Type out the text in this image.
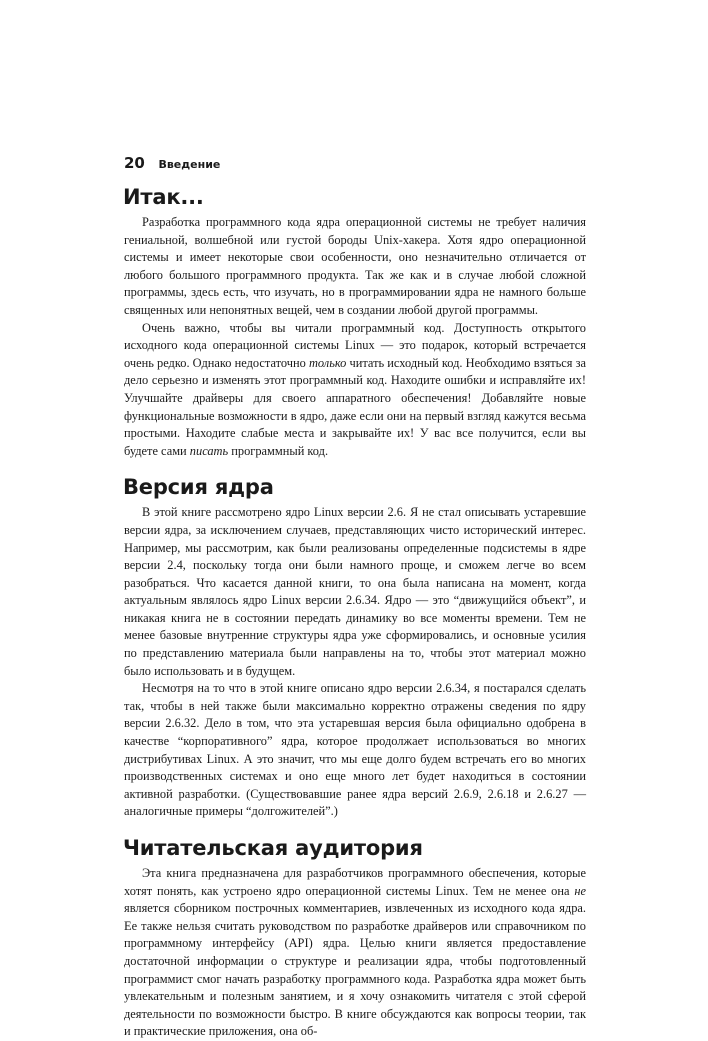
20 Введение
Итак...

Разработка программного кода ядра операционной системы не требует наличия гениальной, волшебной или густой бороды Unix-хакера. Хотя ядро операционной системы и имеет некоторые свои особенности, оно незначительно отличается от любого большого программного продукта. Так же как и в случае любой сложной программы, здесь есть, что изучать, но в программировании ядра не намного больше священных или непонятных вещей, чем в создании любой другой программы.

Очень важно, чтобы вы читали программный код. Доступность открытого исходного кода операционной системы Linux — это подарок, который встречается очень редко. Однако недостаточно только читать исходный код. Необходимо взяться за дело серьезно и изменять этот программный код. Находите ошибки и исправляйте их! Улучшайте драйверы для своего аппаратного обеспечения! Добавляйте новые функциональные возможности в ядро, даже если они на первый взгляд кажутся весьма простыми. Находите слабые места и закрывайте их! У вас все получится, если вы будете сами писать программный код.

Версия ядра

В этой книге рассмотрено ядро Linux версии 2.6. Я не стал описывать устаревшие версии ядра, за исключением случаев, представляющих чисто исторический интерес. Например, мы рассмотрим, как были реализованы определенные подсистемы в ядре версии 2.4, поскольку тогда они были намного проще, и сможем легче во всем разобраться. Что касается данной книги, то она была написана на момент, когда актуальным являлось ядро Linux версии 2.6.34. Ядро — это “движущийся объект”, и никакая книга не в состоянии передать динамику во все моменты времени. Тем не менее базовые внутренние структуры ядра уже сформировались, и основные усилия по представлению материала были направлены на то, чтобы этот материал можно было использовать и в будущем.

Несмотря на то что в этой книге описано ядро версии 2.6.34, я постарался сделать так, чтобы в ней также были максимально корректно отражены сведения по ядру версии 2.6.32. Дело в том, что эта устаревшая версия была официально одобрена в качестве “корпоративного” ядра, которое продолжает использоваться во многих дистрибутивах Linux. А это значит, что мы еще долго будем встречать его во многих производственных системах и оно еще много лет будет находиться в состоянии активной разработки. (Существовавшие ранее ядра версий 2.6.9, 2.6.18 и 2.6.27 — аналогичные примеры “долгожителей”.)

Читательская аудитория

Эта книга предназначена для разработчиков программного обеспечения, которые хотят понять, как устроено ядро операционной системы Linux. Тем не менее она не является сборником построчных комментариев, извлеченных из исходного кода ядра. Ее также нельзя считать руководством по разработке драйверов или справочником по программному интерфейсу (API) ядра. Целью книги является предоставление достаточной информации о структуре и реализации ядра, чтобы подготовленный программист смог начать разработку программного кода. Разработка ядра может быть увлекательным и полезным занятием, и я хочу ознакомить читателя с этой сферой деятельности по возможности быстро. В книге обсуждаются как вопросы теории, так и практические приложения, она об-
